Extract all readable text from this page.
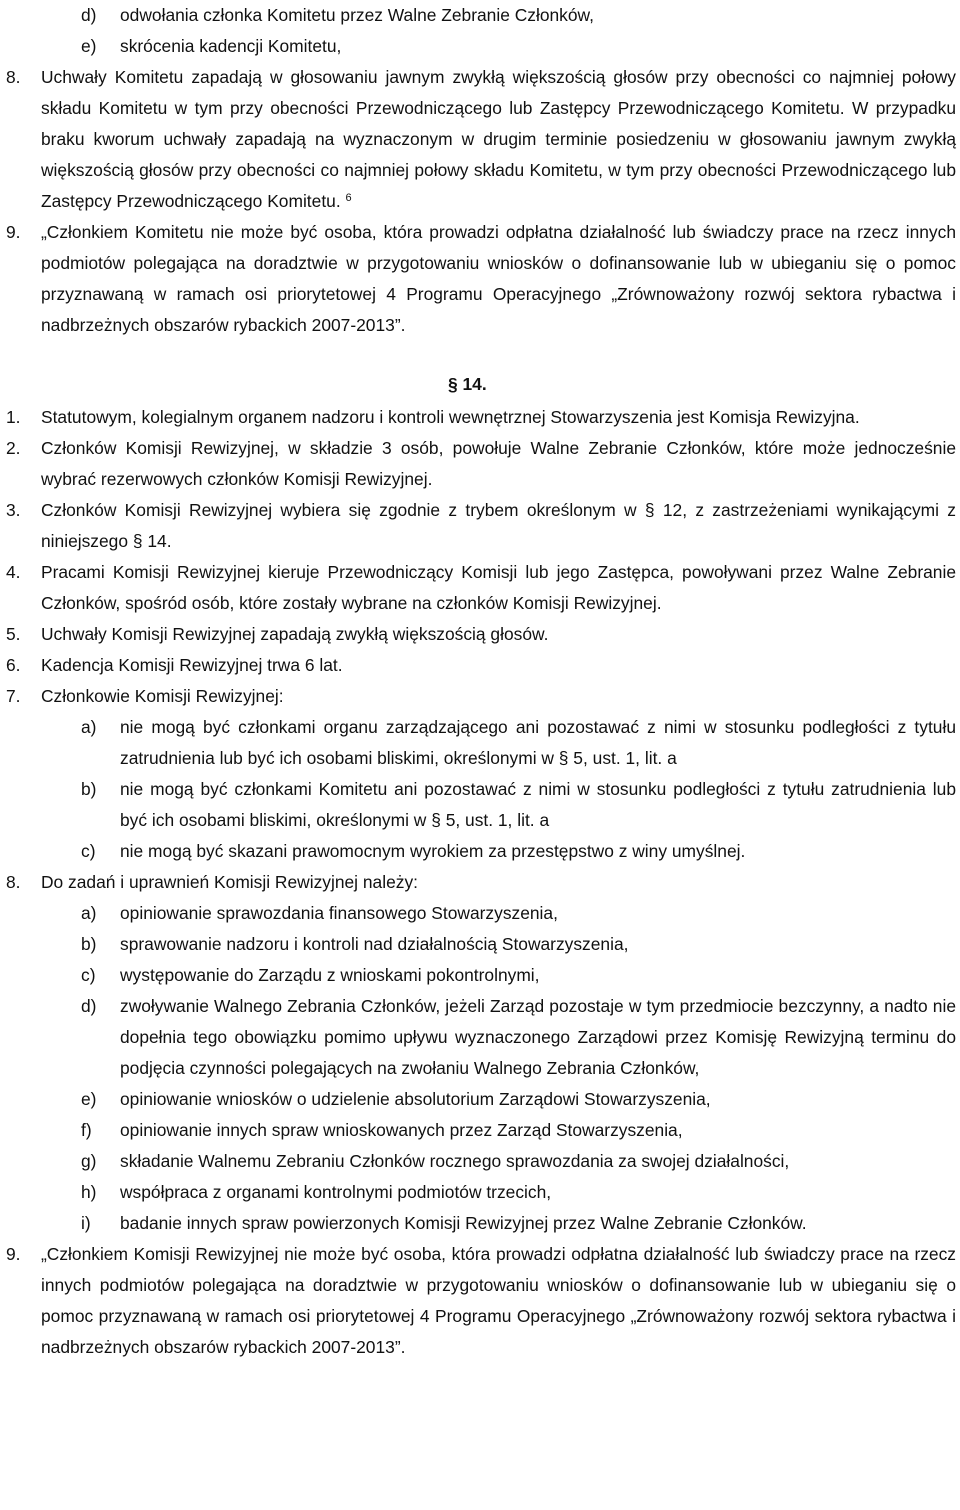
d) odwołania członka Komitetu przez Walne Zebranie Członków,
e) skrócenia kadencji Komitetu,
8. Uchwały Komitetu zapadają w głosowaniu jawnym zwykłą większością głosów przy obecności co najmniej połowy składu Komitetu w tym przy obecności Przewodniczącego lub Zastępcy Przewodniczącego Komitetu. W przypadku braku kworum uchwały zapadają na wyznaczonym w drugim terminie posiedzeniu w głosowaniu jawnym zwykłą większością głosów przy obecności co najmniej połowy składu Komitetu, w tym przy obecności Przewodniczącego lub Zastępcy Przewodniczącego Komitetu. $^6$
9. „Członkiem Komitetu nie może być osoba, która prowadzi odpłatna działalność lub świadczy prace na rzecz innych podmiotów polegająca na doradztwie w przygotowaniu wniosków o dofinansowanie lub w ubieganiu się o pomoc przyznawaną w ramach osi priorytetowej 4 Programu Operacyjnego „Zrównoważony rozwój sektora rybactwa i nadbrzeżnych obszarów rybackich 2007-2013”.
§ 14.
1. Statutowym, kolegialnym organem nadzoru i kontroli wewnętrznej Stowarzyszenia jest Komisja Rewizyjna.
2. Członków Komisji Rewizyjnej, w składzie 3 osób, powołuje Walne Zebranie Członków, które może jednocześnie wybrać rezerwowych członków Komisji Rewizyjnej.
3. Członków Komisji Rewizyjnej wybiera się zgodnie z trybem określonym w § 12, z zastrzeżeniami wynikającymi z niniejszego § 14.
4. Pracami Komisji Rewizyjnej kieruje Przewodniczący Komisji lub jego Zastępca, powoływani przez Walne Zebranie Członków, spośród osób, które zostały wybrane na członków Komisji Rewizyjnej.
5. Uchwały Komisji Rewizyjnej zapadają zwykłą większością głosów.
6. Kadencja Komisji Rewizyjnej trwa 6 lat.
7. Członkowie Komisji Rewizyjnej:
a) nie mogą być członkami organu zarządzającego ani pozostawać z nimi w stosunku podległości z tytułu zatrudnienia lub być ich osobami bliskimi, określonymi w § 5, ust. 1, lit. a
b) nie mogą być członkami Komitetu ani pozostawać z nimi w stosunku podległości z tytułu zatrudnienia lub być ich osobami bliskimi, określonymi w § 5, ust. 1, lit. a
c) nie mogą być skazani prawomocnym wyrokiem za przestępstwo z winy umyślnej.
8. Do zadań i uprawnień Komisji Rewizyjnej należy:
a) opiniowanie sprawozdania finansowego Stowarzyszenia,
b) sprawowanie nadzoru i kontroli nad działalnością Stowarzyszenia,
c) występowanie do Zarządu z wnioskami pokontrolnymi,
d) zwoływanie Walnego Zebrania Członków, jeżeli Zarząd pozostaje w tym przedmiocie bezczynny, a nadto nie dopełnia tego obowiązku pomimo upływu wyznaczonego Zarządowi przez Komisję Rewizyjną terminu do podjęcia czynności polegających na zwołaniu Walnego Zebrania Członków,
e) opiniowanie wniosków o udzielenie absolutorium Zarządowi Stowarzyszenia,
f) opiniowanie innych spraw wnioskowanych przez Zarząd Stowarzyszenia,
g) składanie Walnemu Zebraniu Członków rocznego sprawozdania za swojej działalności,
h) współpraca z organami kontrolnymi podmiotów trzecich,
i) badanie innych spraw powierzonych Komisji Rewizyjnej przez Walne Zebranie Członków.
9. „Członkiem Komisji Rewizyjnej nie może być osoba, która prowadzi odpłatna działalność lub świadczy prace na rzecz innych podmiotów polegająca na doradztwie w przygotowaniu wniosków o dofinansowanie lub w ubieganiu się o pomoc przyznawaną w ramach osi priorytetowej 4 Programu Operacyjnego „Zrównoważony rozwój sektora rybactwa i nadbrzeżnych obszarów rybackich 2007-2013”.
